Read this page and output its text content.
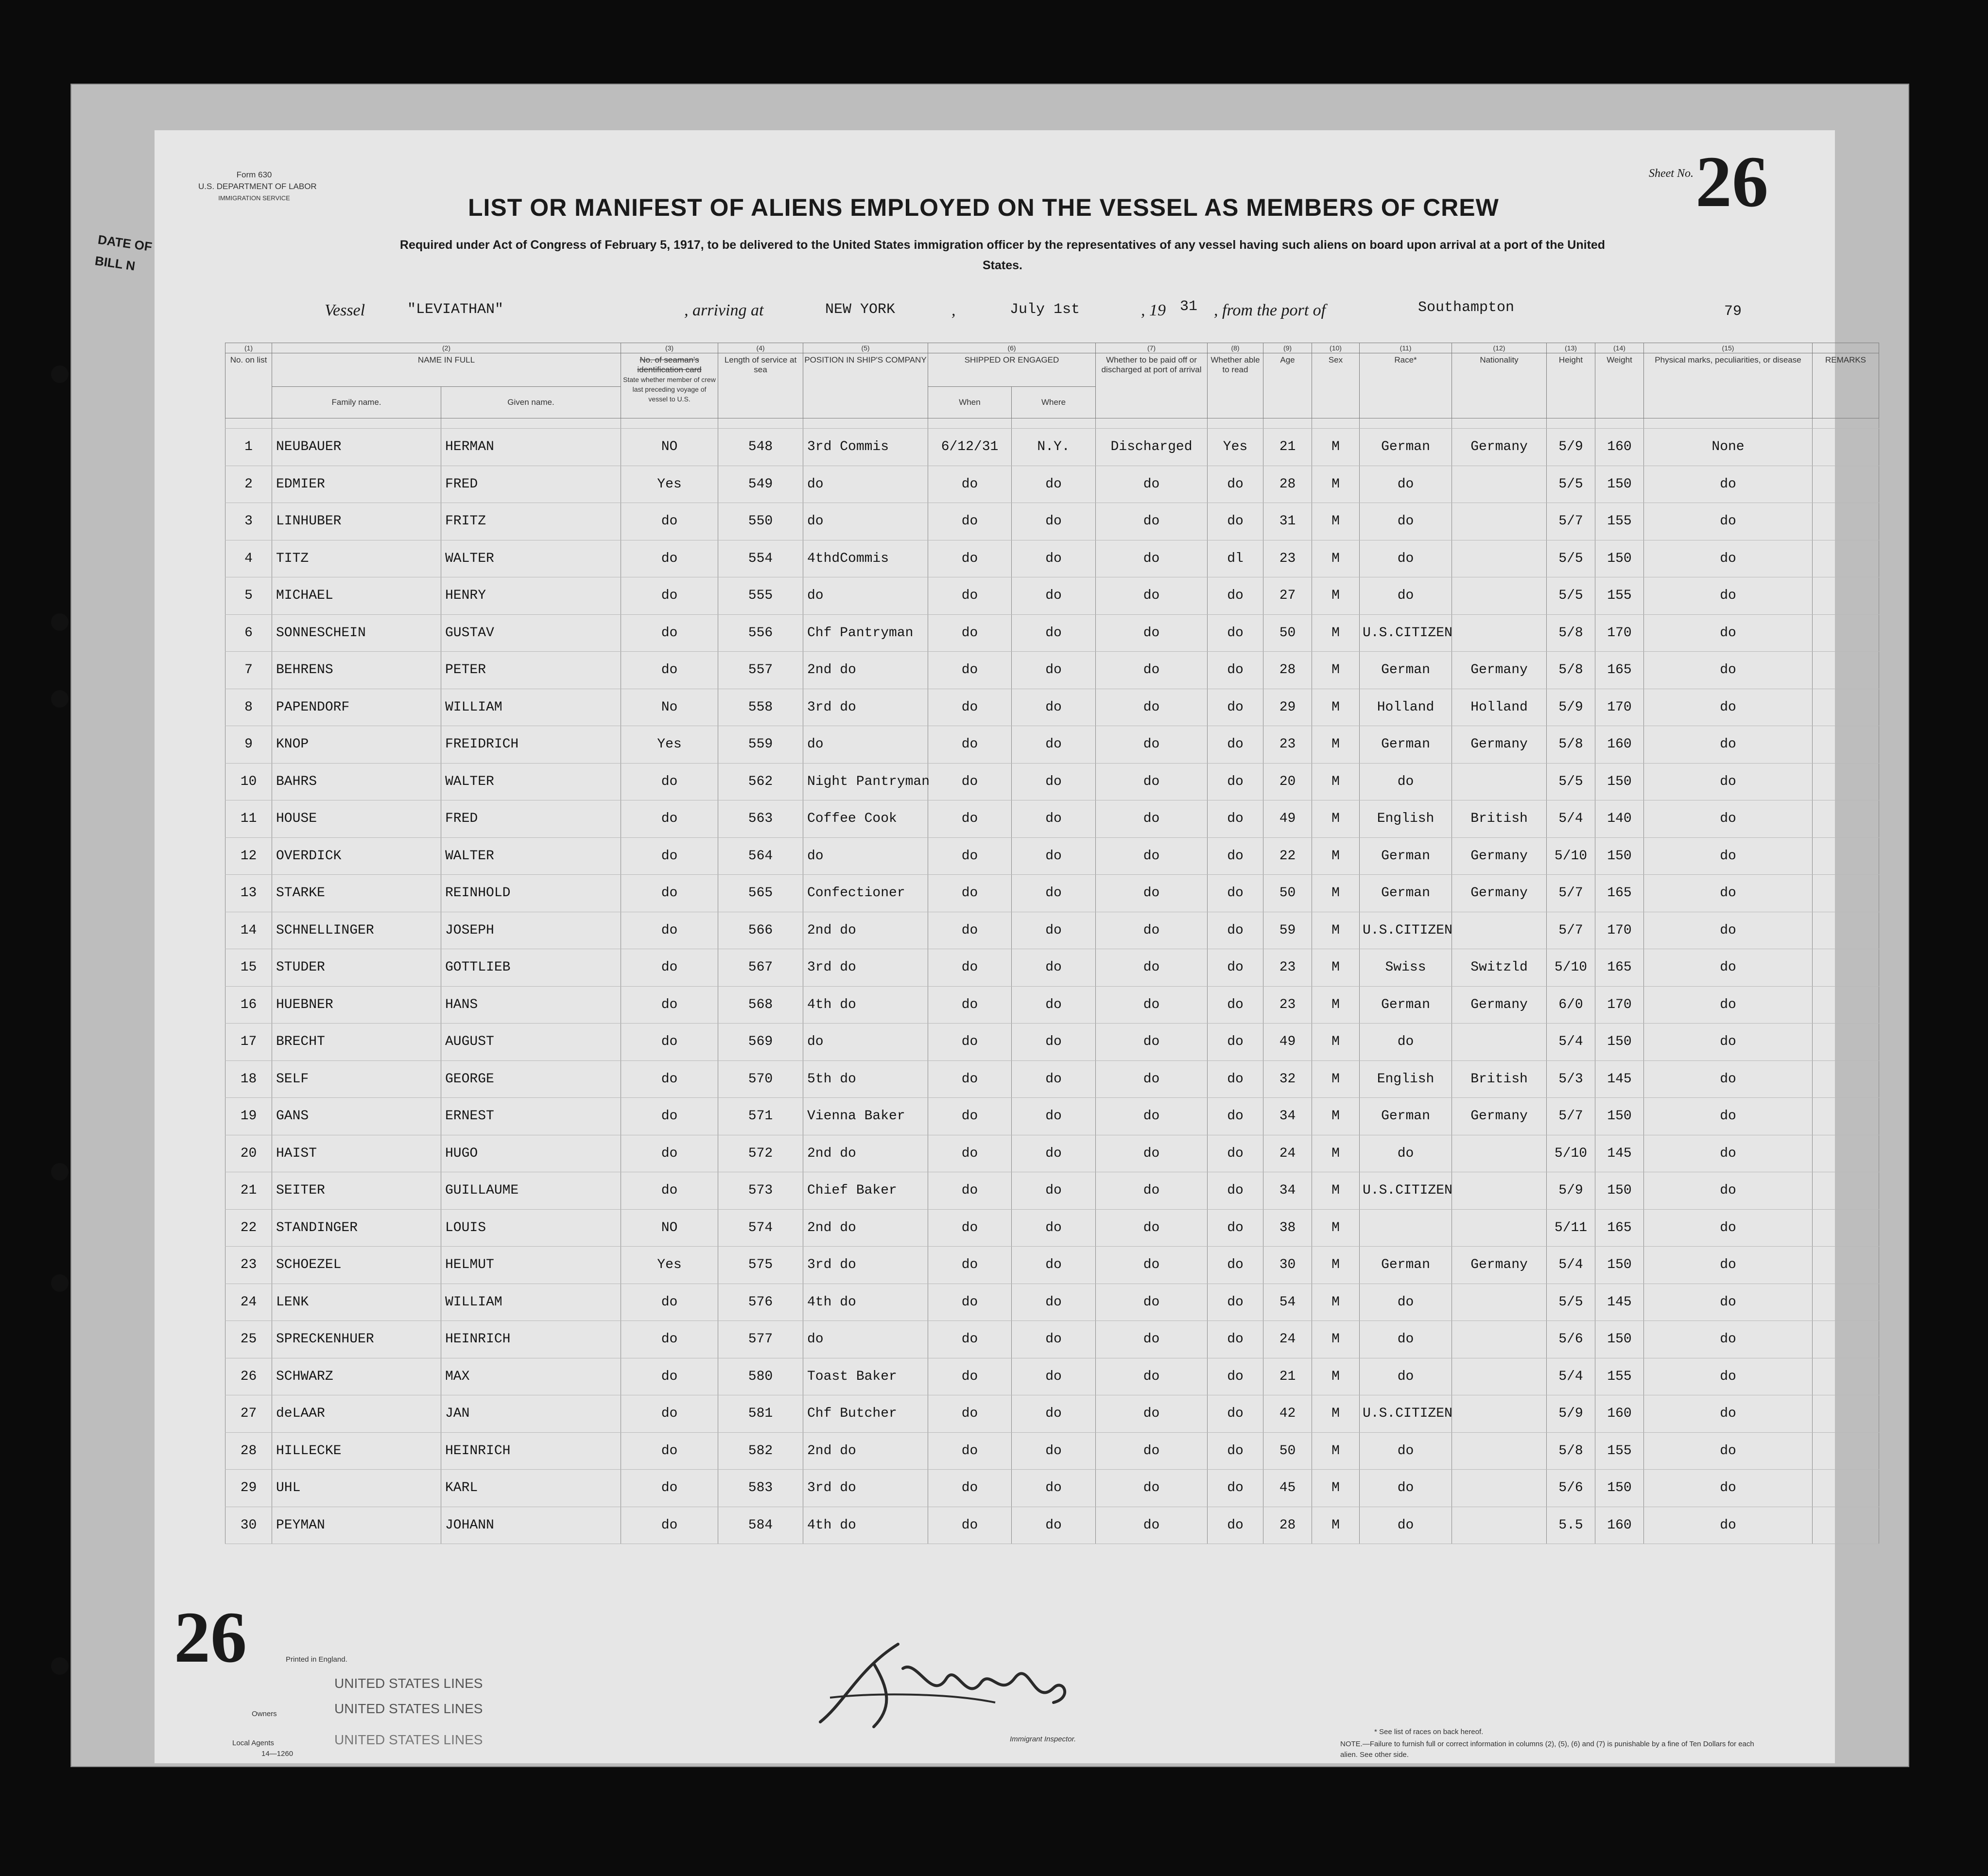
DATE OF
BILL N
Form 630
U.S. DEPARTMENT OF LABOR
IMMIGRATION SERVICE
Sheet No. 26
LIST OR MANIFEST OF ALIENS EMPLOYED ON THE VESSEL AS MEMBERS OF CREW
Required under Act of Congress of February 5, 1917, to be delivered to the United States immigration officer by the representatives of any vessel having such aliens on board upon arrival at a port of the United States.
Vessel	"LEVIATHAN"	, arriving at	NEW YORK	,	July 1st	, 19 31 , from the port of	Southampton	79
(1)	(2)		(3)	(4)	(5)	(6)		(7)	(8)	(9)	(10)	(11)	(12)	(13)	(14)	(15)	
No. on list	NAME IN FULL		No. of seaman's identification card
State whether member of crew last preceding voyage of vessel to U.S.	Length of service at sea	POSITION IN SHIP'S COMPANY	SHIPPED OR ENGAGED		Whether to be paid off or discharged at port of arrival	Whether able to read	Age	Sex	Race*	Nationality	Height	Weight	Physical marks, peculiarities, or disease	REMARKS
	Family name.	Given name.				When	Where										

1	NEUBAUER	HERMAN	NO	548	3rd Commis	6/12/31	N.Y.	Discharged	Yes	21	M	German	Germany	5/9	160	None	
2	EDMIER	FRED	Yes	549	do	do	do	do	do	28	M	do		5/5	150	do	
3	LINHUBER	FRITZ	do	550	do	do	do	do	do	31	M	do		5/7	155	do	
4	TITZ	WALTER	do	554	4thdCommis	do	do	do	dl	23	M	do		5/5	150	do	
5	MICHAEL	HENRY	do	555	do	do	do	do	do	27	M	do		5/5	155	do	
6	SONNESCHEIN	GUSTAV	do	556	Chf Pantryman	do	do	do	do	50	M	U.S.CITIZEN		5/8	170	do	
7	BEHRENS	PETER	do	557	2nd do	do	do	do	do	28	M	German	Germany	5/8	165	do	
8	PAPENDORF	WILLIAM	No	558	3rd do	do	do	do	do	29	M	Holland	Holland	5/9	170	do	
9	KNOP	FREIDRICH	Yes	559	do	do	do	do	do	23	M	German	Germany	5/8	160	do	
10	BAHRS	WALTER	do	562	Night Pantryman	do	do	do	do	20	M	do		5/5	150	do	
11	HOUSE	FRED	do	563	Coffee Cook	do	do	do	do	49	M	English	British	5/4	140	do	
12	OVERDICK	WALTER	do	564	do	do	do	do	do	22	M	German	Germany	5/10	150	do	
13	STARKE	REINHOLD	do	565	Confectioner	do	do	do	do	50	M	German	Germany	5/7	165	do	
14	SCHNELLINGER	JOSEPH	do	566	2nd do	do	do	do	do	59	M	U.S.CITIZEN		5/7	170	do	
15	STUDER	GOTTLIEB	do	567	3rd do	do	do	do	do	23	M	Swiss	Switzld	5/10	165	do	
16	HUEBNER	HANS	do	568	4th do	do	do	do	do	23	M	German	Germany	6/0	170	do	
17	BRECHT	AUGUST	do	569	do	do	do	do	do	49	M	do		5/4	150	do	
18	SELF	GEORGE	do	570	5th do	do	do	do	do	32	M	English	British	5/3	145	do	
19	GANS	ERNEST	do	571	Vienna Baker	do	do	do	do	34	M	German	Germany	5/7	150	do	
20	HAIST	HUGO	do	572	2nd do	do	do	do	do	24	M	do		5/10	145	do	
21	SEITER	GUILLAUME	do	573	Chief Baker	do	do	do	do	34	M	U.S.CITIZEN		5/9	150	do	
22	STANDINGER	LOUIS	NO	574	2nd do	do	do	do	do	38	M			5/11	165	do	
23	SCHOEZEL	HELMUT	Yes	575	3rd do	do	do	do	do	30	M	German	Germany	5/4	150	do	
24	LENK	WILLIAM	do	576	4th do	do	do	do	do	54	M	do		5/5	145	do	
25	SPRECKENHUER	HEINRICH	do	577	do	do	do	do	do	24	M	do		5/6	150	do	
26	SCHWARZ	MAX	do	580	Toast Baker	do	do	do	do	21	M	do		5/4	155	do	
27	deLAAR	JAN	do	581	Chf Butcher	do	do	do	do	42	M	U.S.CITIZEN		5/9	160	do	
28	HILLECKE	HEINRICH	do	582	2nd do	do	do	do	do	50	M	do		5/8	155	do	
29	UHL	KARL	do	583	3rd do	do	do	do	do	45	M	do		5/6	150	do	
30	PEYMAN	JOHANN	do	584	4th do	do	do	do	do	28	M	do		5.5	160	do	
26	Printed in England.
UNITED STATES LINES
UNITED STATES LINES
UNITED STATES LINES
Owners
Local Agents
14—1260
Immigrant Inspector.
* See list of races on back hereof.
NOTE.—Failure to furnish full or correct information in columns (2), (5), (6) and (7) is punishable by a fine of Ten Dollars for each alien. See other side.
